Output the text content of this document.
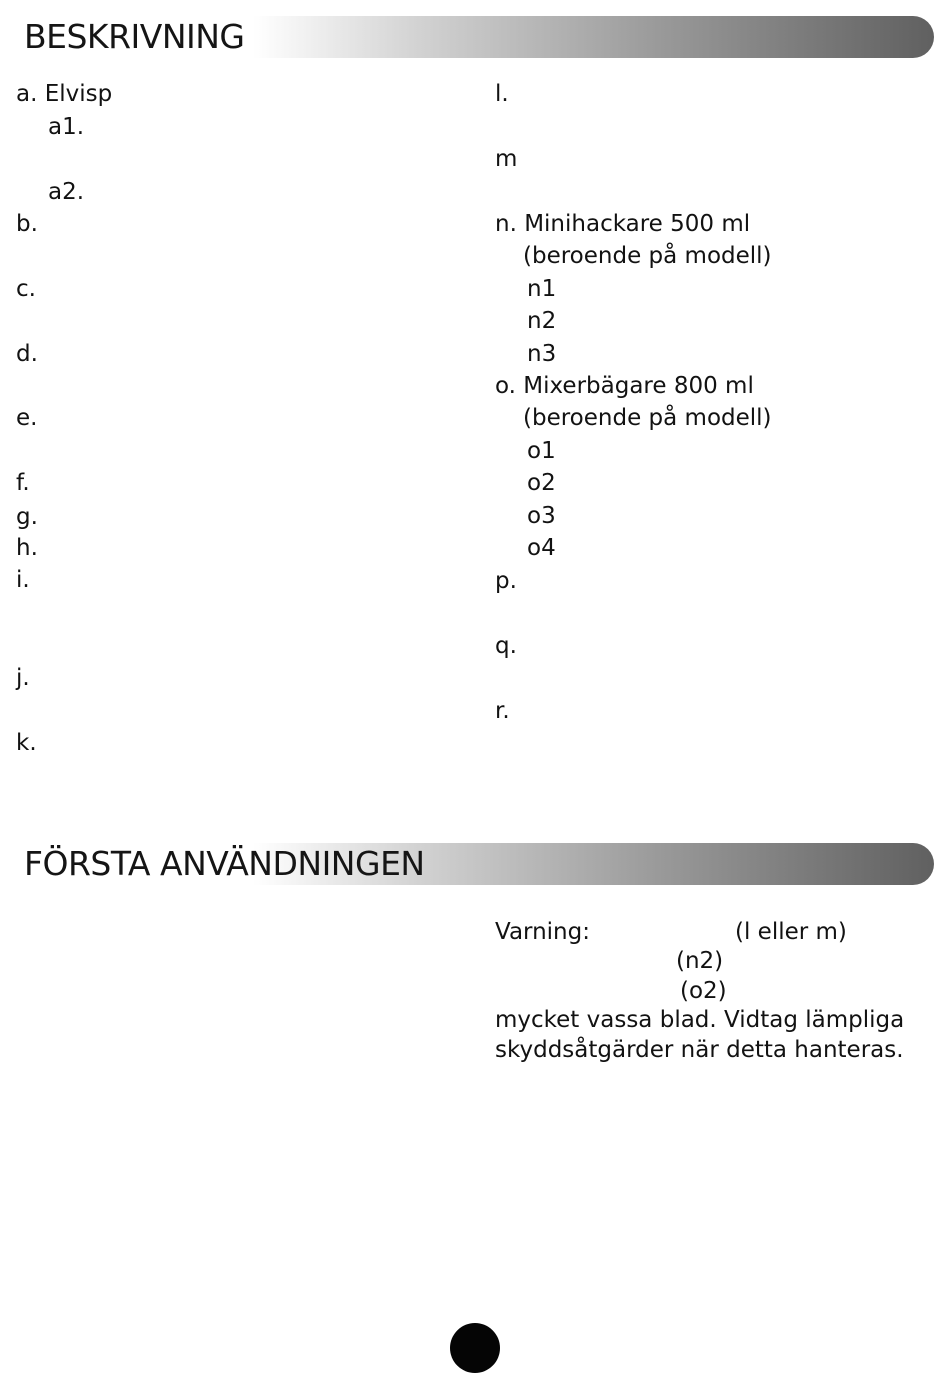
BESKRIVNING
a. Elvisp
a1.
a2.
b.
c.
d.
e.
f.
g.
h.
i.
j.
k.
l.
m
n. Minihackare 500 ml
(beroende på modell)
n1
n2
n3
o. Mixerbägare 800 ml
(beroende på modell)
o1
o2
o3
o4
p.
q.
r.
FÖRSTA ANVÄNDNINGEN
Varning:	(l eller m)
(n2)
(o2)
mycket vassa blad. Vidtag lämpliga
skyddsåtgärder när detta hanteras.
